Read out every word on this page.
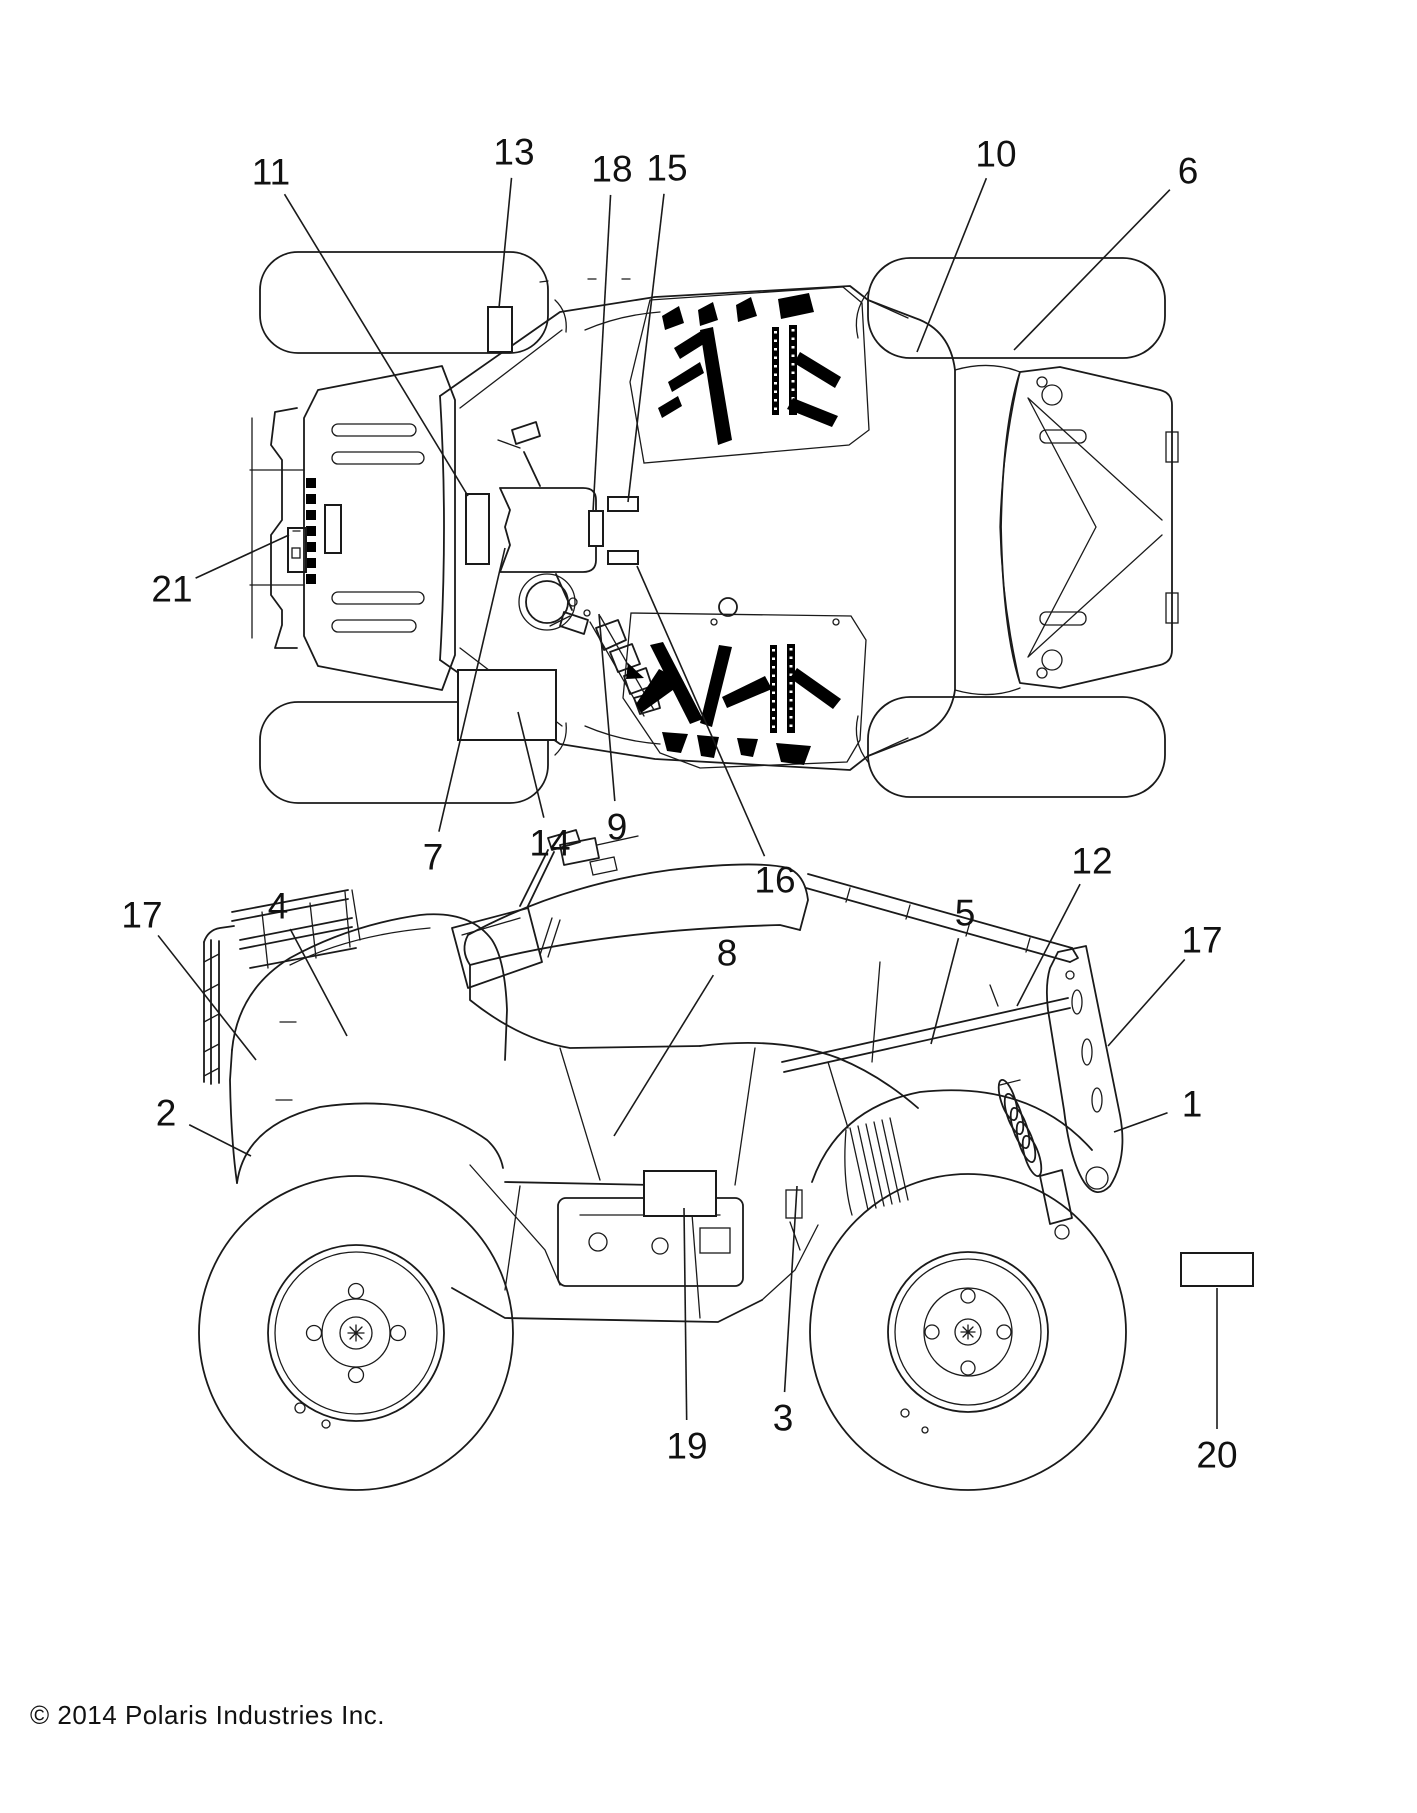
11	13 18 15	10	6
21
7 14 9
16
17	4
2
8
5
12
17
1
3
19	20
© 2014 Polaris Industries Inc.
